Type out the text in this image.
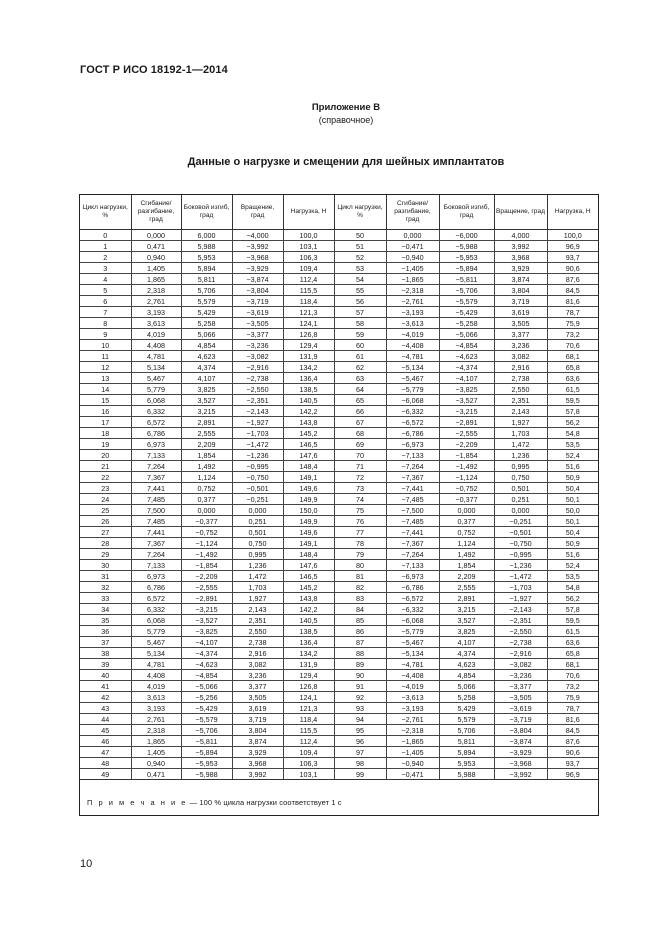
ГОСТ Р ИСО 18192-1—2014
Приложение В
(справочное)
Данные о нагрузке и смещении для шейных имплантатов
Цикл нагрузки, %	Сгибание/ разгибание, град	Боковой изгиб, град	Вращение, град	Нагрузка, Н	Цикл нагрузки, %	Сгибание/ разгибание, град	Боковой изгиб, град	Вращение, град	Нагрузка, Н
0	0,000	6,000	−4,000	100,0	50	0,000	−6,000	4,000	100,0
1	0,471	5,988	−3,992	103,1	51	−0,471	−5,988	3,992	96,9
2	0,940	5,953	−3,968	106,3	52	−0,940	−5,953	3,968	93,7
3	1,405	5,894	−3,929	109,4	53	−1,405	−5,894	3,929	90,6
4	1,865	5,811	−3,874	112,4	54	−1,865	−5,811	3,874	87,6
5	2,318	5,706	−3,804	115,5	55	−2,318	−5,706	3,804	84,5
6	2,761	5,579	−3,719	118,4	56	−2,761	−5,579	3,719	81,6
7	3,193	5,429	−3,619	121,3	57	−3,193	−5,429	3,619	78,7
8	3,613	5,258	−3,505	124,1	58	−3,613	−5,258	3,505	75,9
9	4,019	5,066	−3,377	126,8	59	−4,019	−5,066	3,377	73,2
10	4,408	4,854	−3,236	129,4	60	−4,408	−4,854	3,236	70,6
11	4,781	4,623	−3,082	131,9	61	−4,781	−4,623	3,082	68,1
12	5,134	4,374	−2,916	134,2	62	−5,134	−4,374	2,916	65,8
13	5,467	4,107	−2,738	136,4	63	−5,467	−4,107	2,738	63,6
14	5,779	3,825	−2,550	138,5	64	−5,779	−3,825	2,550	61,5
15	6,068	3,527	−2,351	140,5	65	−6,068	−3,527	2,351	59,5
16	6,332	3,215	−2,143	142,2	66	−6,332	−3,215	2,143	57,8
17	6,572	2,891	−1,927	143,8	67	−6,572	−2,891	1,927	56,2
18	6,786	2,555	−1,703	145,2	68	−6,786	−2,555	1,703	54,8
19	6,973	2,209	−1,472	146,5	69	−6,973	−2,209	1,472	53,5
20	7,133	1,854	−1,236	147,6	70	−7,133	−1,854	1,236	52,4
21	7,264	1,492	−0,995	148,4	71	−7,264	−1,492	0,995	51,6
22	7,367	1,124	−0,750	149,1	72	−7,367	−1,124	0,750	50,9
23	7,441	0,752	−0,501	149,6	73	−7,441	−0,752	0,501	50,4
24	7,485	0,377	−0,251	149,9	74	−7,485	−0,377	0,251	50,1
25	7,500	0,000	0,000	150,0	75	−7,500	0,000	0,000	50,0
26	7,485	−0,377	0,251	149,9	76	−7,485	0,377	−0,251	50,1
27	7,441	−0,752	0,501	149,6	77	−7,441	0,752	−0,501	50,4
28	7,367	−1,124	0,750	149,1	78	−7,367	1,124	−0,750	50,9
29	7,264	−1,492	0,995	148,4	79	−7,264	1,492	−0,995	51,6
30	7,133	−1,854	1,236	147,6	80	−7,133	1,854	−1,236	52,4
31	6,973	−2,209	1,472	146,5	81	−6,973	2,209	−1,472	53,5
32	6,786	−2,555	1,703	145,2	82	−6,786	2,555	−1,703	54,8
33	6,572	−2,891	1,927	143,8	83	−6,572	2,891	−1,927	56,2
34	6,332	−3,215	2,143	142,2	84	−6,332	3,215	−2,143	57,8
35	6,068	−3,527	2,351	140,5	85	−6,068	3,527	−2,351	59,5
36	5,779	−3,825	2,550	138,5	86	−5,779	3,825	−2,550	61,5
37	5,467	−4,107	2,738	136,4	87	−5,467	4,107	−2,738	63,6
38	5,134	−4,374	2,916	134,2	88	−5,134	4,374	−2,916	65,8
39	4,781	−4,623	3,082	131,9	89	−4,781	4,623	−3,082	68,1
40	4,408	−4,854	3,236	129,4	90	−4,408	4,854	−3,236	70,6
41	4,019	−5,066	3,377	126,8	91	−4,019	5,066	−3,377	73,2
42	3,613	−5,256	3,505	124,1	92	−3,613	5,258	−3,505	75,9
43	3,193	−5,429	3,619	121,3	93	−3,193	5,429	−3,619	78,7
44	2,761	−5,579	3,719	118,4	94	−2,761	5,579	−3,719	81,6
45	2,318	−5,706	3,804	115,5	95	−2,318	5,706	−3,804	84,5
46	1,865	−5,811	3,874	112,4	96	−1,865	5,811	−3,874	87,6
47	1,405	−5,894	3,929	109,4	97	−1,405	5,894	−3,929	90,6
48	0,940	−5,953	3,968	106,3	98	−0,940	5,953	−3,968	93,7
49	0,471	−5,988	3,992	103,1	99	−0,471	5,988	−3,992	96,9
П р и м е ч а н и е — 100 % цикла нагрузки соответствует 1 с
10
